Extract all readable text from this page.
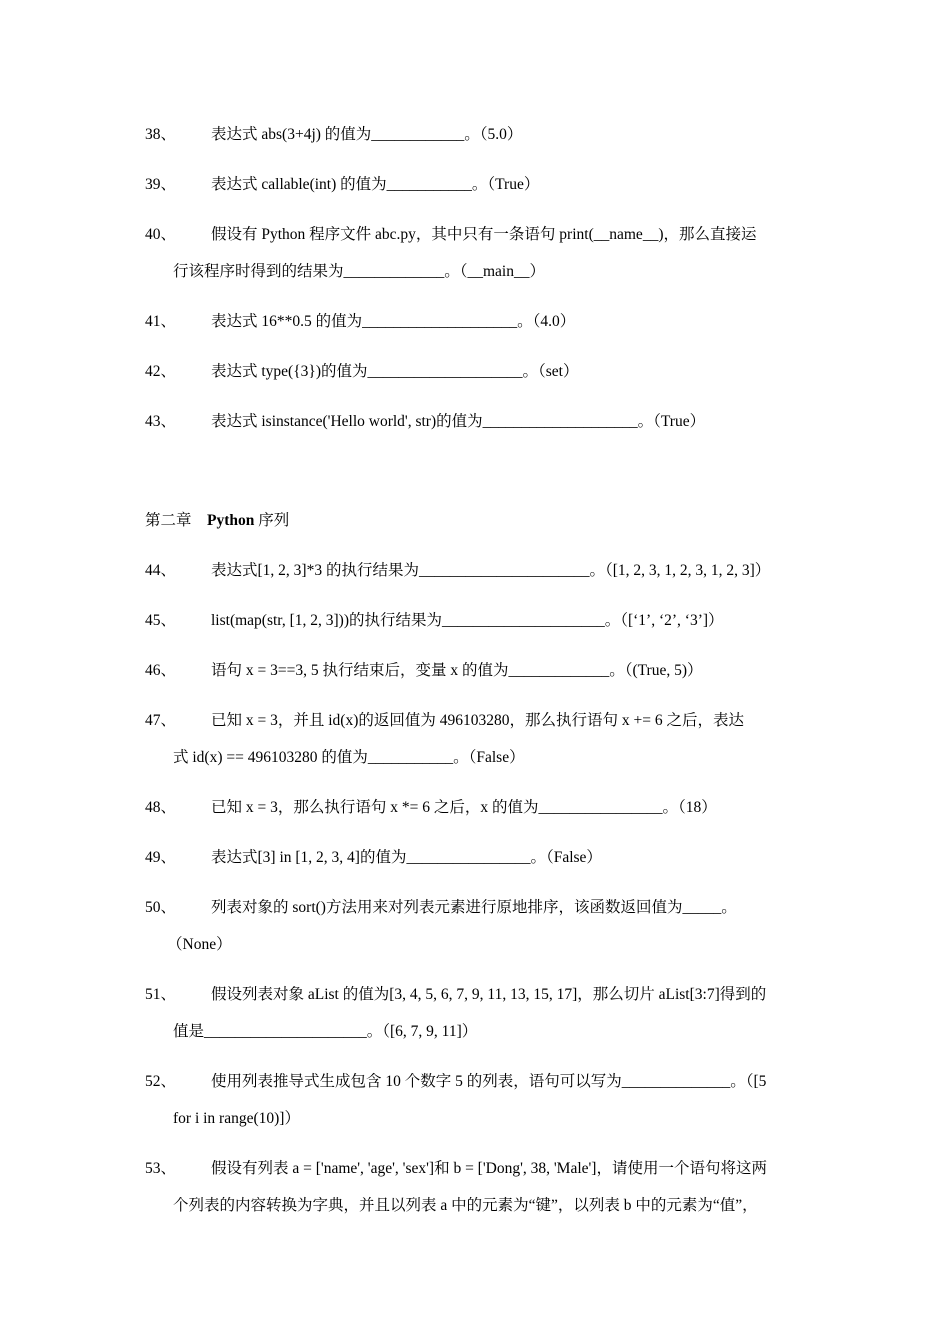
38、 表达式 abs(3+4j) 的值为____________。（5.0）
39、 表达式 callable(int) 的值为___________。（True）
40、 假设有 Python 程序文件 abc.py，其中只有一条语句 print(__name__)，那么直接运
行该程序时得到的结果为_____________。（__main__）
41、 表达式 16**0.5 的值为____________________。（4.0）
42、 表达式 type({3})的值为____________________。（set）
43、 表达式 isinstance('Hello world', str)的值为____________________。（True）
第二章 Python 序列
44、 表达式[1, 2, 3]*3 的执行结果为______________________。（[1, 2, 3, 1, 2, 3, 1, 2, 3]）
45、 list(map(str, [1, 2, 3]))的执行结果为_____________________。（[‘1’, ‘2’, ‘3’]）
46、 语句 x = 3==3, 5 执行结束后，变量 x 的值为_____________。（(True, 5)）
47、 已知 x = 3，并且 id(x)的返回值为 496103280，那么执行语句 x += 6 之后，表达
式 id(x) == 496103280 的值为___________。（False）
48、 已知 x = 3，那么执行语句 x *= 6 之后，x 的值为________________。（18）
49、 表达式[3] in [1, 2, 3, 4]的值为________________。（False）
50、 列表对象的 sort()方法用来对列表元素进行原地排序，该函数返回值为_____。
（None）
51、 假设列表对象 aList 的值为[3, 4, 5, 6, 7, 9, 11, 13, 15, 17]，那么切片 aList[3:7]得到的
值是_____________________。（[6, 7, 9, 11]）
52、 使用列表推导式生成包含 10 个数字 5 的列表，语句可以写为______________。（[5
for i in range(10)]）
53、 假设有列表 a = ['name', 'age', 'sex']和 b = ['Dong', 38, 'Male']，请使用一个语句将这两
个列表的内容转换为字典，并且以列表 a 中的元素为“键”，以列表 b 中的元素为“值”，
